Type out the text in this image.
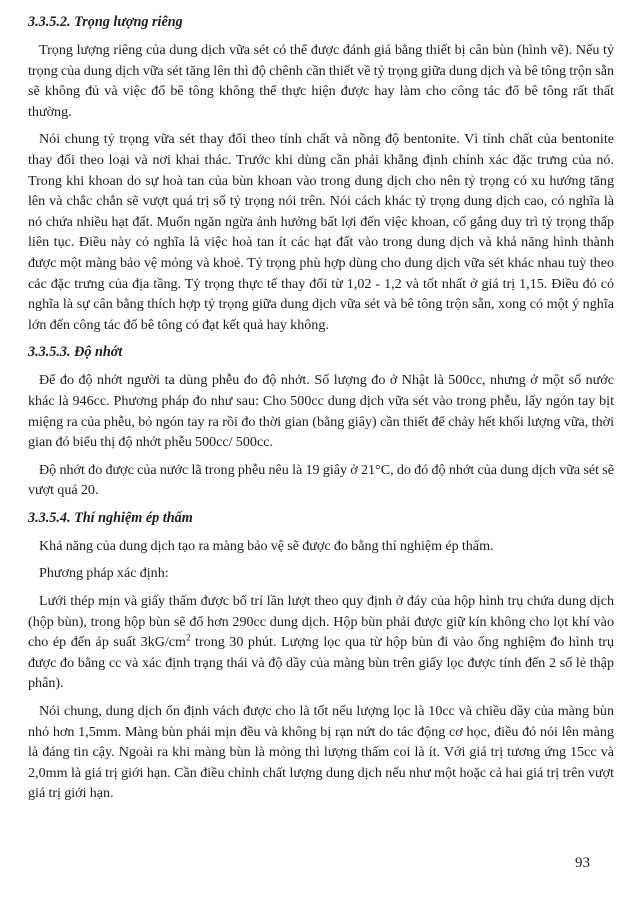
3.3.5.2. Trọng lượng riêng

Trọng lượng riêng của dung dịch vữa sét có thể được đánh giá bằng thiết bị cân bùn (hình vẽ). Nếu tỷ trọng của dung dịch vữa sét tăng lên thì độ chênh cần thiết về tỷ trọng giữa dung dịch và bê tông trộn sẵn sẽ không đủ và việc đổ bê tông không thể thực hiện được hay làm cho công tác đổ bê tông rất thất thường.

Nói chung tỷ trọng vữa sét thay đổi theo tính chất và nồng độ bentonite. Vì tính chất của bentonite thay đổi theo loại và nơi khai thác. Trước khi dùng cần phải khẳng định chính xác đặc trưng của nó. Trong khi khoan do sự hoà tan của bùn khoan vào trong dung dịch cho nên tỷ trọng có xu hướng tăng lên và chắc chắn sẽ vượt quá trị số tỷ trọng nói trên. Nói cách khác tỷ trọng dung dịch cao, có nghĩa là nó chứa nhiều hạt đất. Muốn ngăn ngừa ảnh hưởng bất lợi đến việc khoan, cố gắng duy trì tỷ trọng thấp liên tục. Điều này có nghĩa là việc hoà tan ít các hạt đất vào trong dung dịch và khả năng hình thành được một màng bảo vệ mỏng và khoẻ. Tỷ trọng phù hợp dùng cho dung dịch vữa sét khác nhau tuỳ theo các đặc trưng của địa tầng. Tỷ trọng thực tế thay đổi từ 1,02 - 1,2 và tốt nhất ở giá trị 1,15. Điều đó có nghĩa là sự cân bằng thích hợp tỷ trọng giữa dung dịch vữa sét và bê tông trộn sẵn, xong có một ý nghĩa lớn đến công tác đổ bê tông có đạt kết quả hay không.

3.3.5.3. Độ nhớt

Để đo độ nhớt người ta dùng phễu đo độ nhớt. Số lượng đo ở Nhật là 500cc, nhưng ở một số nước khác là 946cc. Phương pháp đo như sau: Cho 500cc dung dịch vữa sét vào trong phễu, lấy ngón tay bịt miệng ra của phễu, bỏ ngón tay ra rồi đo thời gian (bằng giây) cần thiết để chảy hết khối lượng vữa, thời gian đó biểu thị độ nhớt phễu 500cc/ 500cc.

Độ nhớt đo được của nước lã trong phễu nêu là 19 giây ở 21°C, do đó độ nhớt của dung dịch vữa sét sẽ vượt quá 20.

3.3.5.4. Thí nghiệm ép thấm

Khả năng của dung dịch tạo ra màng bảo vệ sẽ được đo bằng thí nghiệm ép thấm.

Phương pháp xác định:

Lưới thép mịn và giấy thấm được bố trí lần lượt theo quy định ở đáy của hộp hình trụ chứa dung dịch (hộp bùn), trong hộp bùn sẽ đổ hơn 290cc dung dịch. Hộp bùn phải được giữ kín không cho lọt khí vào cho ép đến áp suất $3kG/cm^2$ trong 30 phút. Lượng lọc qua từ hộp bùn đi vào ống nghiệm đo hình trụ được đo bằng cc và xác định trạng thái và độ dầy của màng bùn trên giấy lọc được tính đến 2 số lẻ thập phân).

Nói chung, dung dịch ổn định vách được cho là tốt nếu lượng lọc là 10cc và chiều dầy của màng bùn nhỏ hơn 1,5mm. Màng bùn phải mịn đều và không bị rạn nứt do tác động cơ học, điều đó nói lên màng là đáng tin cậy. Ngoài ra khi màng bùn là mỏng thì lượng thấm coi là ít. Với giá trị tương ứng 15cc và 2,0mm là giá trị giới hạn. Cần điều chỉnh chất lượng dung dịch nếu như một hoặc cả hai giá trị trên vượt giá trị giới hạn.

93
